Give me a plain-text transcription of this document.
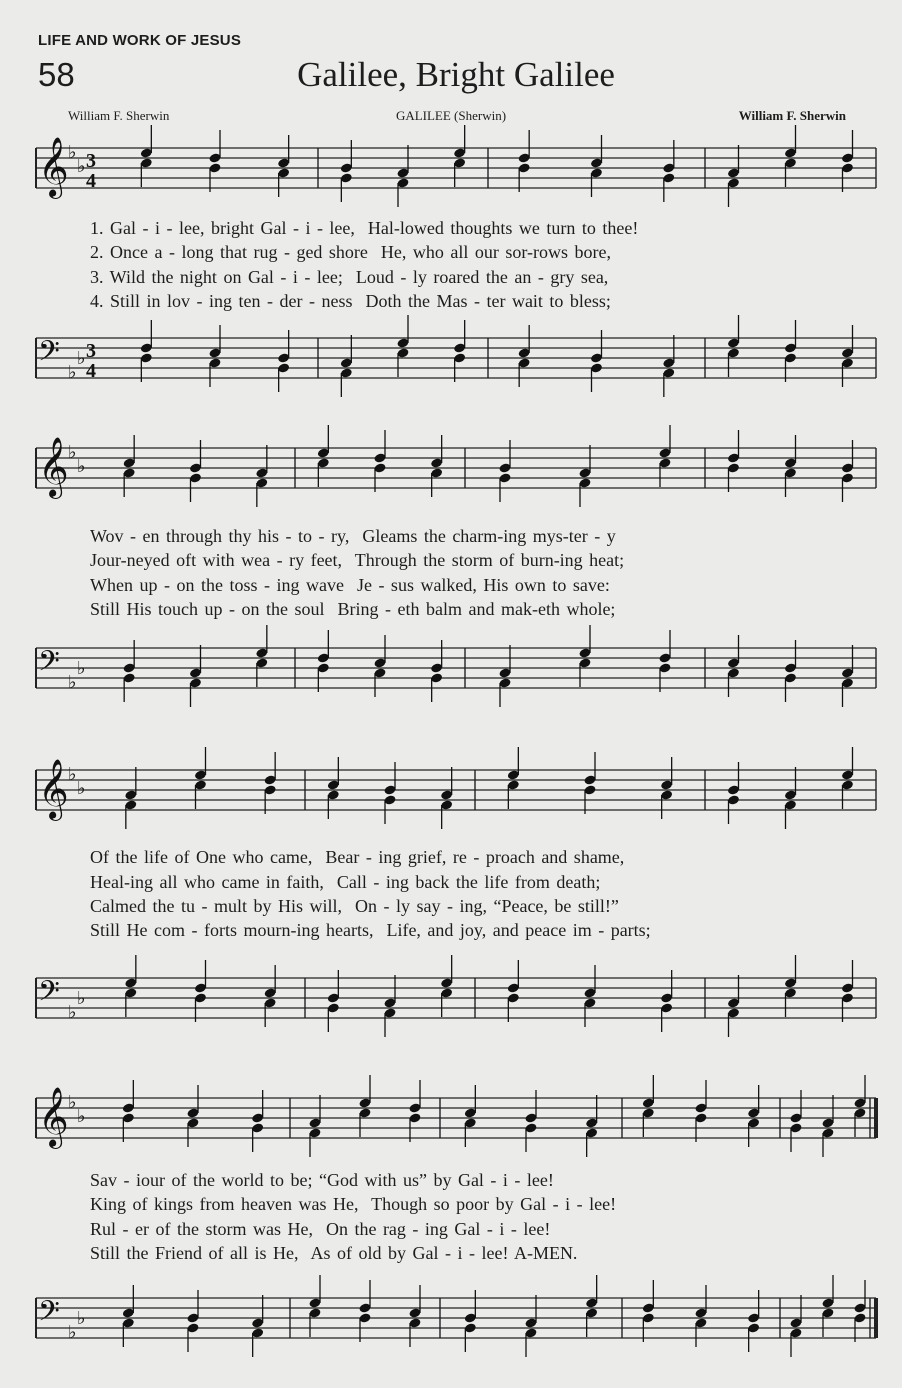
LIFE AND WORK OF JESUS
58	Galilee, Bright Galilee
William F. Sherwin	GALILEE (Sherwin)	William F. Sherwin
𝄞 ♭
♭ 3
4
1. Gal - i - lee, bright Gal - i - lee,  Hal-lowed thoughts we turn to thee!
2. Once a - long that rug - ged shore  He, who all our sor-rows bore,
3. Wild the night on Gal - i - lee;  Loud - ly roared the an - gry sea,
4. Still in lov - ing ten - der - ness  Doth the Mas - ter wait to bless;
𝄢 ♭
♭ 3
4
𝄞 ♭
♭
Wov - en through thy his - to - ry,  Gleams the charm-ing mys-ter - y
Jour-neyed oft with wea - ry feet,  Through the storm of burn-ing heat;
When up - on the toss - ing wave  Je - sus walked, His own to save:
Still His touch up - on the soul  Bring - eth balm and mak-eth whole;
𝄢 ♭
♭
𝄞 ♭
♭
Of the life of One who came,  Bear - ing grief, re - proach and shame,
Heal-ing all who came in faith,  Call - ing back the life from death;
Calmed the tu - mult by His will,  On - ly say - ing, “Peace, be still!”
Still He com - forts mourn-ing hearts,  Life, and joy, and peace im - parts;
𝄢 ♭
♭
𝄞 ♭
♭
Sav - iour of the world to be; “God with us” by Gal - i - lee!
King of kings from heaven was He,  Though so poor by Gal - i - lee!
Rul - er of the storm was He,  On the rag - ing Gal - i - lee!
Still the Friend of all is He,  As of old by Gal - i - lee! A-MEN.
𝄢 ♭
♭
